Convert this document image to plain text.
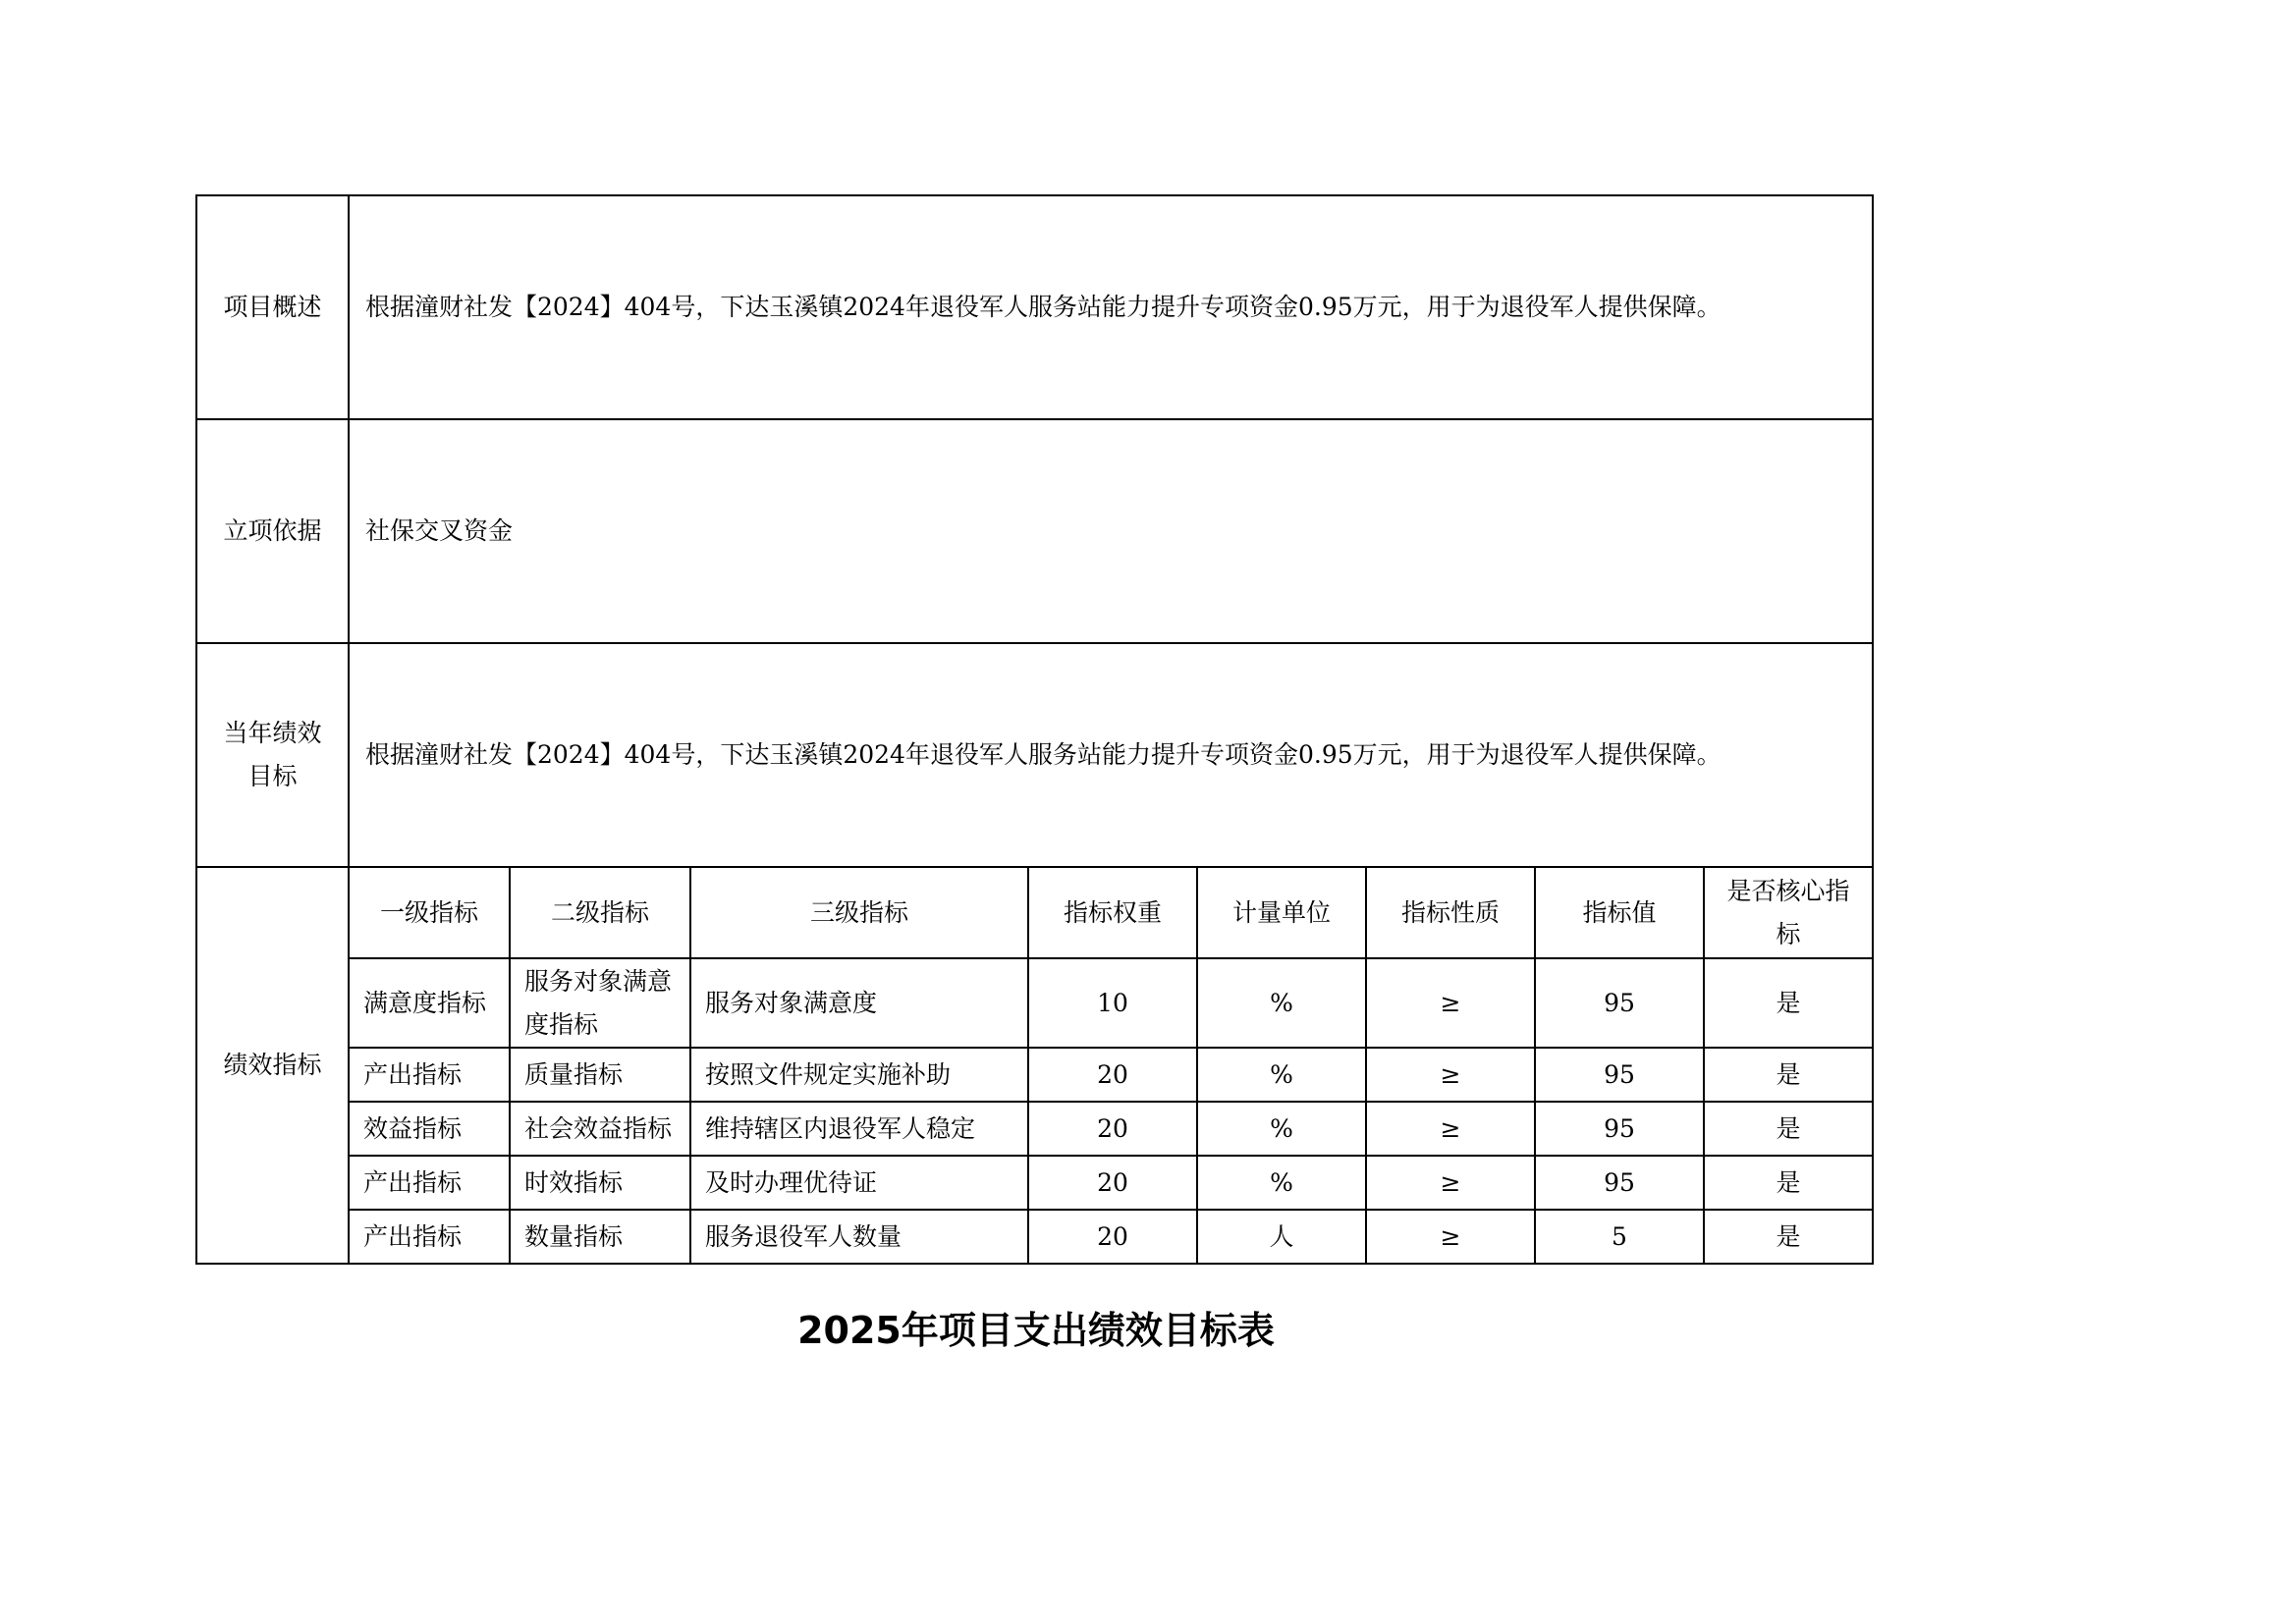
项目概述	根据潼财社发【2024】404号，下达玉溪镇2024年退役军人服务站能力提升专项资金0.95万元，用于为退役军人提供保障。							
立项依据	社保交叉资金							
当年绩效
目标	根据潼财社发【2024】404号，下达玉溪镇2024年退役军人服务站能力提升专项资金0.95万元，用于为退役军人提供保障。							
绩效指标	一级指标	二级指标	三级指标	指标权重	计量单位	指标性质	指标值	是否核心指
标
	满意度指标	服务对象满意
度指标	服务对象满意度	10	%	≥	95	是
	产出指标	质量指标	按照文件规定实施补助	20	%	≥	95	是
	效益指标	社会效益指标	维持辖区内退役军人稳定	20	%	≥	95	是
	产出指标	时效指标	及时办理优待证	20	%	≥	95	是
	产出指标	数量指标	服务退役军人数量	20	人	≥	5	是
2025年项目支出绩效目标表
